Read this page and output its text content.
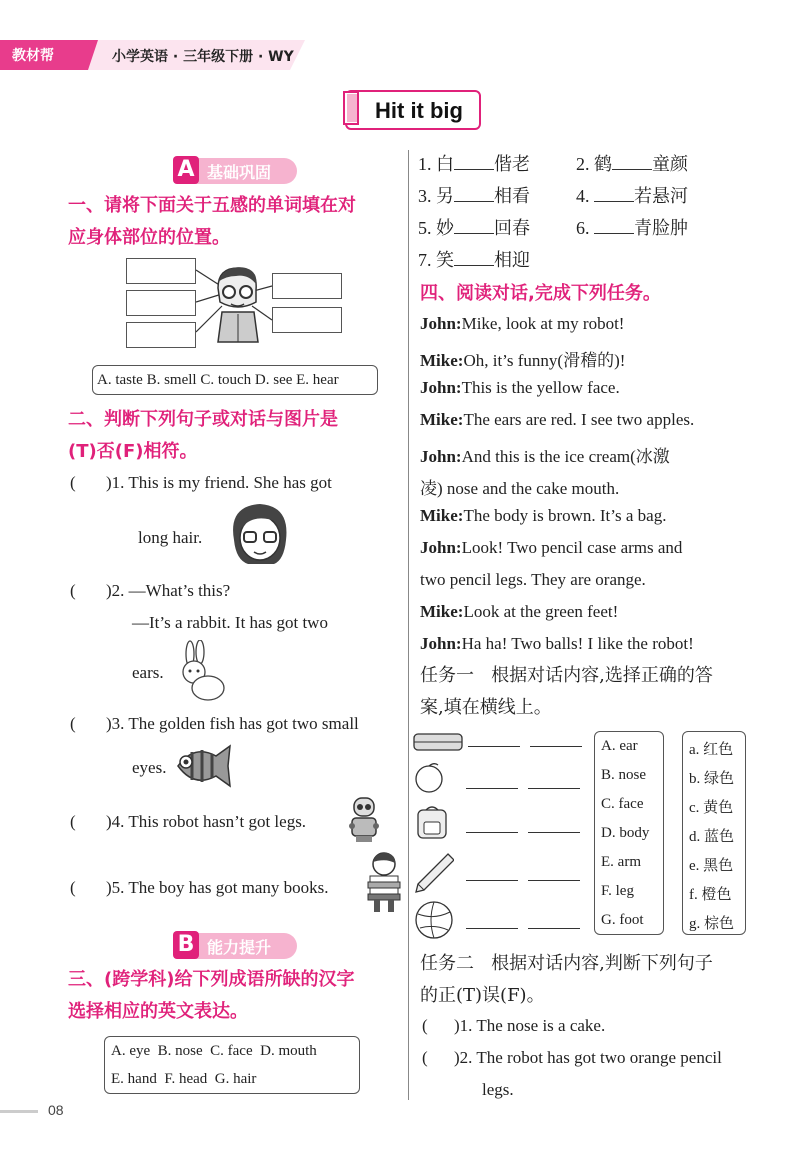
教材帮	小学英语 · 三年级下册 · WY
Hit it big
A 基础巩固
一、请将下面关于五感的单词填在对
应身体部位的位置。
A. taste B. smell C. touch D. see E. hear
二、判断下列句子或对话与图片是
(T)否(F)相符。
( )1. This is my friend. She has got
long hair.
( )2. —What’s this?
—It’s a rabbit. It has got two
ears.
( )3. The golden fish has got two small
eyes.
( )4. This robot hasn’t got legs.
( )5. The boy has got many books.
B 能力提升
三、(跨学科)给下列成语所缺的汉字
选择相应的英文表达。
A. eye  B. nose  C. face  D. mouth
E. hand  F. head  G. hair
1. 白 偕老	2. 鹤 童颜
3. 另 相看	4. 若悬河
5. 妙 回春	6. 青脸肿
7. 笑 相迎
四、阅读对话,完成下列任务。
John:Mike, look at my robot!
Mike:Oh, it’s funny(滑稽的)!
John:This is the yellow face.
Mike:The ears are red. I see two apples.
John:And this is the ice cream(冰激
凌) nose and the cake mouth.
Mike:The body is brown. It’s a bag.
John:Look! Two pencil case arms and
two pencil legs. They are orange.
Mike:Look at the green feet!
John:Ha ha! Two balls! I like the robot!
任务一   根据对话内容,选择正确的答
案,填在横线上。
A. ear
B. nose
C. face
D. body
E. arm
F. leg
G. foot
a. 红色
b. 绿色
c. 黄色
d. 蓝色
e. 黑色
f. 橙色
g. 棕色
任务二   根据对话内容,判断下列句子
的正(T)误(F)。
( )1. The nose is a cake.
( )2. The robot has got two orange pencil
legs.
08
